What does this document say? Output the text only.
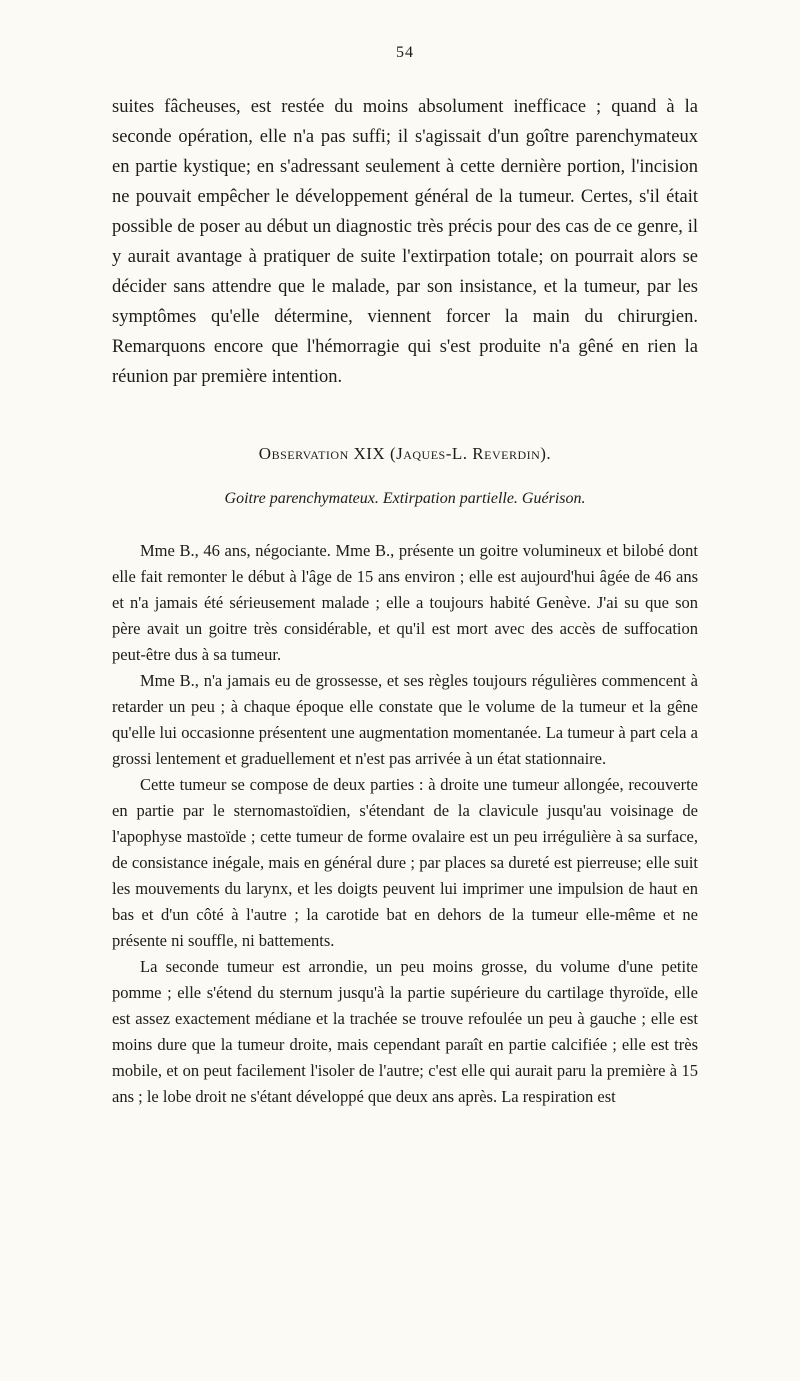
54

suites fâcheuses, est restée du moins absolument inefficace ; quand à la seconde opération, elle n'a pas suffi; il s'agissait d'un goître parenchymateux en partie kystique; en s'adressant seulement à cette dernière portion, l'incision ne pouvait empêcher le développement général de la tumeur. Certes, s'il était possible de poser au début un diagnostic très précis pour des cas de ce genre, il y aurait avantage à pratiquer de suite l'extirpation totale; on pourrait alors se décider sans attendre que le malade, par son insistance, et la tumeur, par les symptômes qu'elle détermine, viennent forcer la main du chirurgien. Remarquons encore que l'hémorragie qui s'est produite n'a gêné en rien la réunion par première intention.

Observation XIX (Jaques-L. Reverdin).
Goitre parenchymateux. Extirpation partielle. Guérison.

Mme B., 46 ans, négociante. Mme B., présente un goitre volumineux et bilobé dont elle fait remonter le début à l'âge de 15 ans environ ; elle est aujourd'hui âgée de 46 ans et n'a jamais été sérieusement malade ; elle a toujours habité Genève. J'ai su que son père avait un goitre très considérable, et qu'il est mort avec des accès de suffocation peut-être dus à sa tumeur.

Mme B., n'a jamais eu de grossesse, et ses règles toujours régulières commencent à retarder un peu ; à chaque époque elle constate que le volume de la tumeur et la gêne qu'elle lui occasionne présentent une augmentation momentanée. La tumeur à part cela a grossi lentement et graduellement et n'est pas arrivée à un état stationnaire.

Cette tumeur se compose de deux parties : à droite une tumeur allongée, recouverte en partie par le sternomastoïdien, s'étendant de la clavicule jusqu'au voisinage de l'apophyse mastoïde ; cette tumeur de forme ovalaire est un peu irrégulière à sa surface, de consistance inégale, mais en général dure ; par places sa dureté est pierreuse; elle suit les mouvements du larynx, et les doigts peuvent lui imprimer une impulsion de haut en bas et d'un côté à l'autre ; la carotide bat en dehors de la tumeur elle-même et ne présente ni souffle, ni battements.

La seconde tumeur est arrondie, un peu moins grosse, du volume d'une petite pomme ; elle s'étend du sternum jusqu'à la partie supérieure du cartilage thyroïde, elle est assez exactement médiane et la trachée se trouve refoulée un peu à gauche ; elle est moins dure que la tumeur droite, mais cependant paraît en partie calcifiée ; elle est très mobile, et on peut facilement l'isoler de l'autre; c'est elle qui aurait paru la première à 15 ans ; le lobe droit ne s'étant développé que deux ans après. La respiration est
